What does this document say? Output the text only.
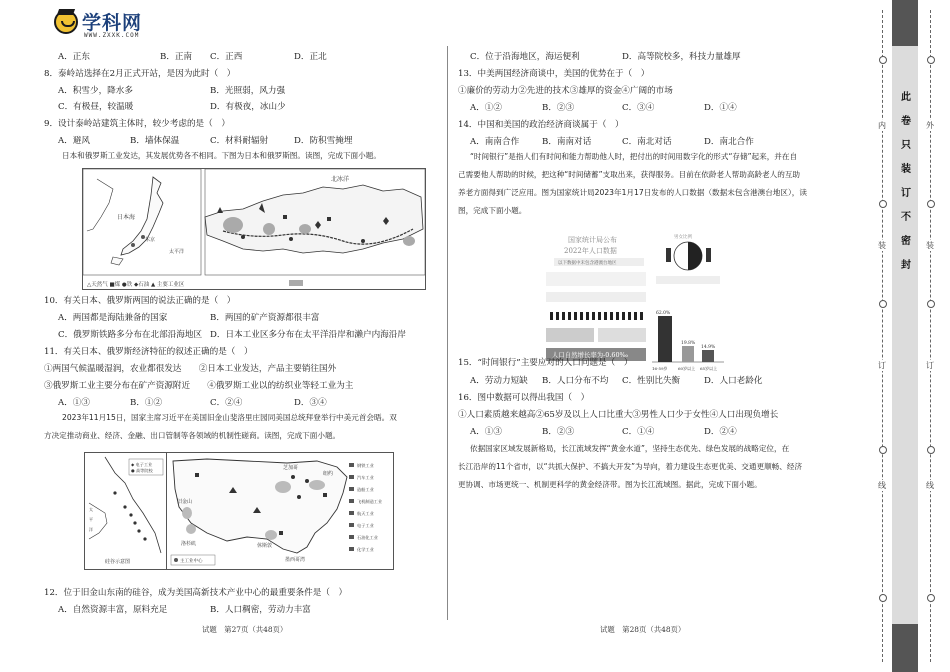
学科网
WWW.ZXXK.COM
A．正东	B．正南 C．正西	D．正北
8．泰岭站选择在2月正式开站，是因为此时（　）
A．积雪少，降水多	B．光照弱，风力强
C．有极昼，较温暖	D．有极夜，冰山少
9．设计泰岭站建筑主体时，较少考虑的是（　）
A．避风	B．墙体保温	C．材料耐辐射	D．防积雪掩埋
日本和俄罗斯工业发达，其发展优势各不相同。下图为日本和俄罗斯图。读图，完成下面小题。
日本海
太平洋
东京
北冰洋
△天然气 ■煤 ●铁 ◆石油 ▲ 主要工业区
10．有关日本、俄罗斯两国的说法正确的是（　）
A．两国都是海陆兼备的国家	B．两国的矿产资源都很丰富
C．俄罗斯铁路多分布在北部沿海地区 D．日本工业区多分布在太平洋沿岸和濑户内海沿岸
11．有关日本、俄罗斯经济特征的叙述正确的是（　）
①两国气候温暖湿润，农业都很发达　　②日本工业发达，产品主要销往国外
③俄罗斯工业主要分布在矿产资源附近　　④俄罗斯工业以的纺织业等轻工业为主
A．①③	B．①②	C．②④	D．③④
2023年11月15日，国家主席习近平在美国旧金山斐洛里庄园同美国总统拜登举行中美元首会晤。双
方决定推动商业、经济、金融、出口管制等各领域的机制性磋商。读图，完成下面小题。
◆ 电子工业
● 高等院校
太
平
洋
硅谷示意图
芝加哥
纽约
旧金山
洛杉矶	休斯敦
墨西哥湾
主工业中心
钢铁工业
汽车工业
造船工业
飞机制造工业
航天工业
电子工业
石油化工业
化学工业
12．位于旧金山东南的硅谷，成为美国高新技术产业中心的最重要条件是（　）
A．自然资源丰富，原料充足	B．人口稠密，劳动力丰富
试题　第27页（共48页）
C．位于沿海地区，海运便利	D．高等院校多，科技力量雄厚
13．中美两国经济商谈中，美国的优势在于（　）
①廉价的劳动力②先进的技术③雄厚的资金④广阔的市场
A．①②	B．②③	C．③④	D．①④
14．中国和美国的政治经济商谈属于（　）
A．南南合作	B．南南对话	C．南北对话	D．南北合作
“时间银行”是指人们有时间和能力帮助他人时，把付出的时间用数字化的形式“存储”起来，并在自
己需要他人帮助的时候，把这种“时间储蓄”支取出来，获得服务。目前在依龄老人帮助高龄老人的互助
养老方面得到广泛应用。图为国家统计局2023年1月17日发布的人口数据（数据未包含港澳台地区），读
图，完成下面小题。
国家统计局公布
2022年人口数据
以下数据中未包含港澳台地区
男女比例
人口自然增长率为-0.60‰
62.0%
19.8%
14.9%
16-59岁	60岁以上 65岁以上
15．“时间银行”主要应对的人口问题是（　）
A．劳动力短缺 B．人口分布不均 C．性别比失衡	D．人口老龄化
16．图中数据可以得出我国（　）
①人口素质越来越高②65岁及以上人口比重大③男性人口少于女性④人口出现负增长
A．①③	B．②③	C．①④	D．②④
依据国家区域发展新格局，长江流域发挥“黄金水道”，坚持生态优先、绿色发展的战略定位，在
长江沿岸的11个省市，以“共抓大保护、不搞大开发”为导向，着力建设生态更优美、交通更顺畅、经济
更协调、市场更统一、机制更科学的黄金经济带。图为长江流域图。据此，完成下面小题。
试题　第28页（共48页）
内
装
订
线
此
卷
只
装
订
不
密
封
外
装
订
线
